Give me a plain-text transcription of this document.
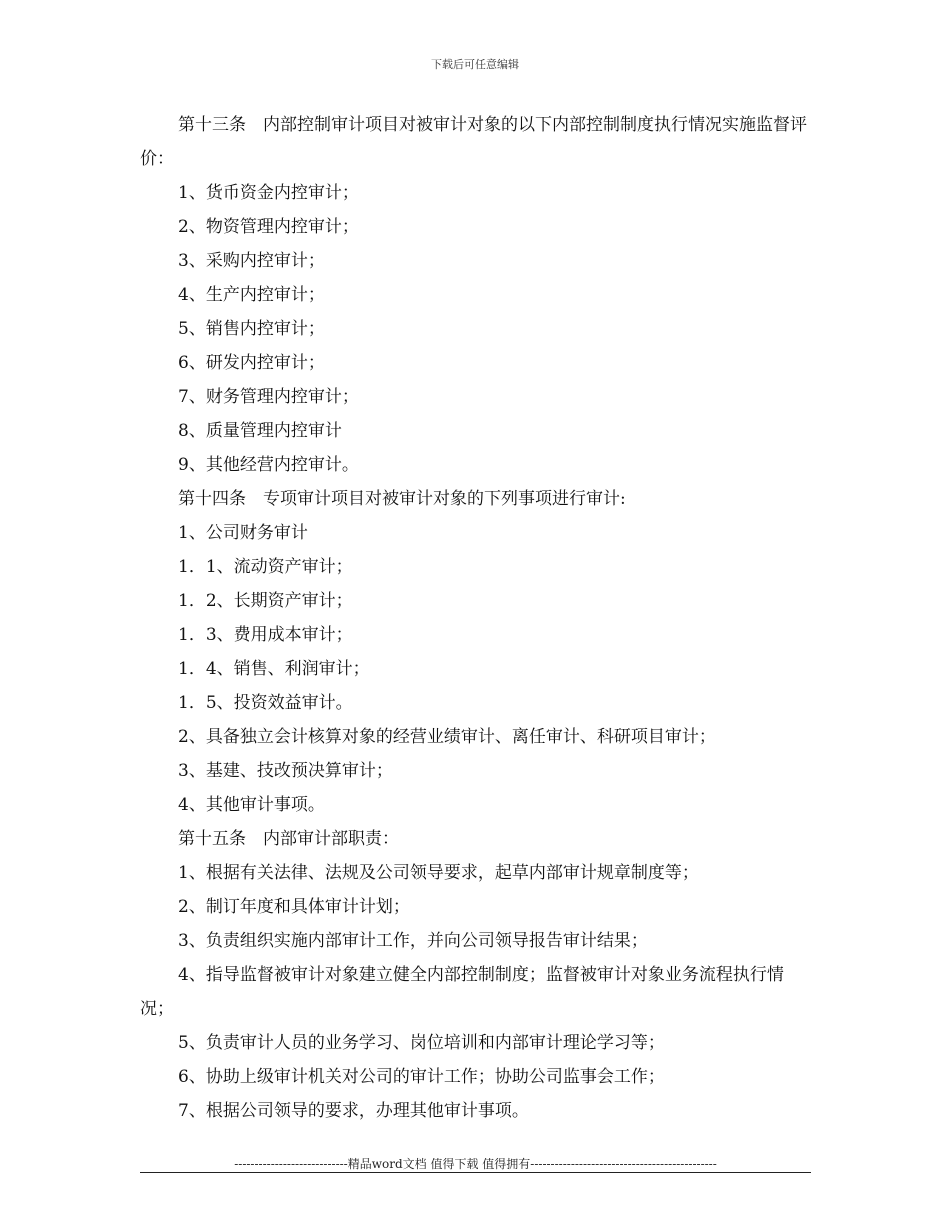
下载后可任意编辑
第十三条　内部控制审计项目对被审计对象的以下内部控制制度执行情况实施监督评价：
1、货币资金内控审计；
2、物资管理内控审计；
3、采购内控审计；
4、生产内控审计；
5、销售内控审计；
6、研发内控审计；
7、财务管理内控审计；
8、质量管理内控审计
9、其他经营内控审计。
第十四条　专项审计项目对被审计对象的下列事项进行审计:
1、公司财务审计
1．1、流动资产审计；
1．2、长期资产审计；
1．3、费用成本审计；
1．4、销售、利润审计；
1．5、投资效益审计。
2、具备独立会计核算对象的经营业绩审计、离任审计、科研项目审计；
3、基建、技改预决算审计；
4、其他审计事项。
第十五条　内部审计部职责：
1、根据有关法律、法规及公司领导要求，起草内部审计规章制度等；
2、制订年度和具体审计计划；
3、负责组织实施内部审计工作，并向公司领导报告审计结果；
4、指导监督被审计对象建立健全内部控制制度；监督被审计对象业务流程执行情况；
5、负责审计人员的业务学习、岗位培训和内部审计理论学习等；
6、协助上级审计机关对公司的审计工作；协助公司监事会工作；
7、根据公司领导的要求，办理其他审计事项。
----------------------------精品word文档 值得下载 值得拥有----------------------------------------------
